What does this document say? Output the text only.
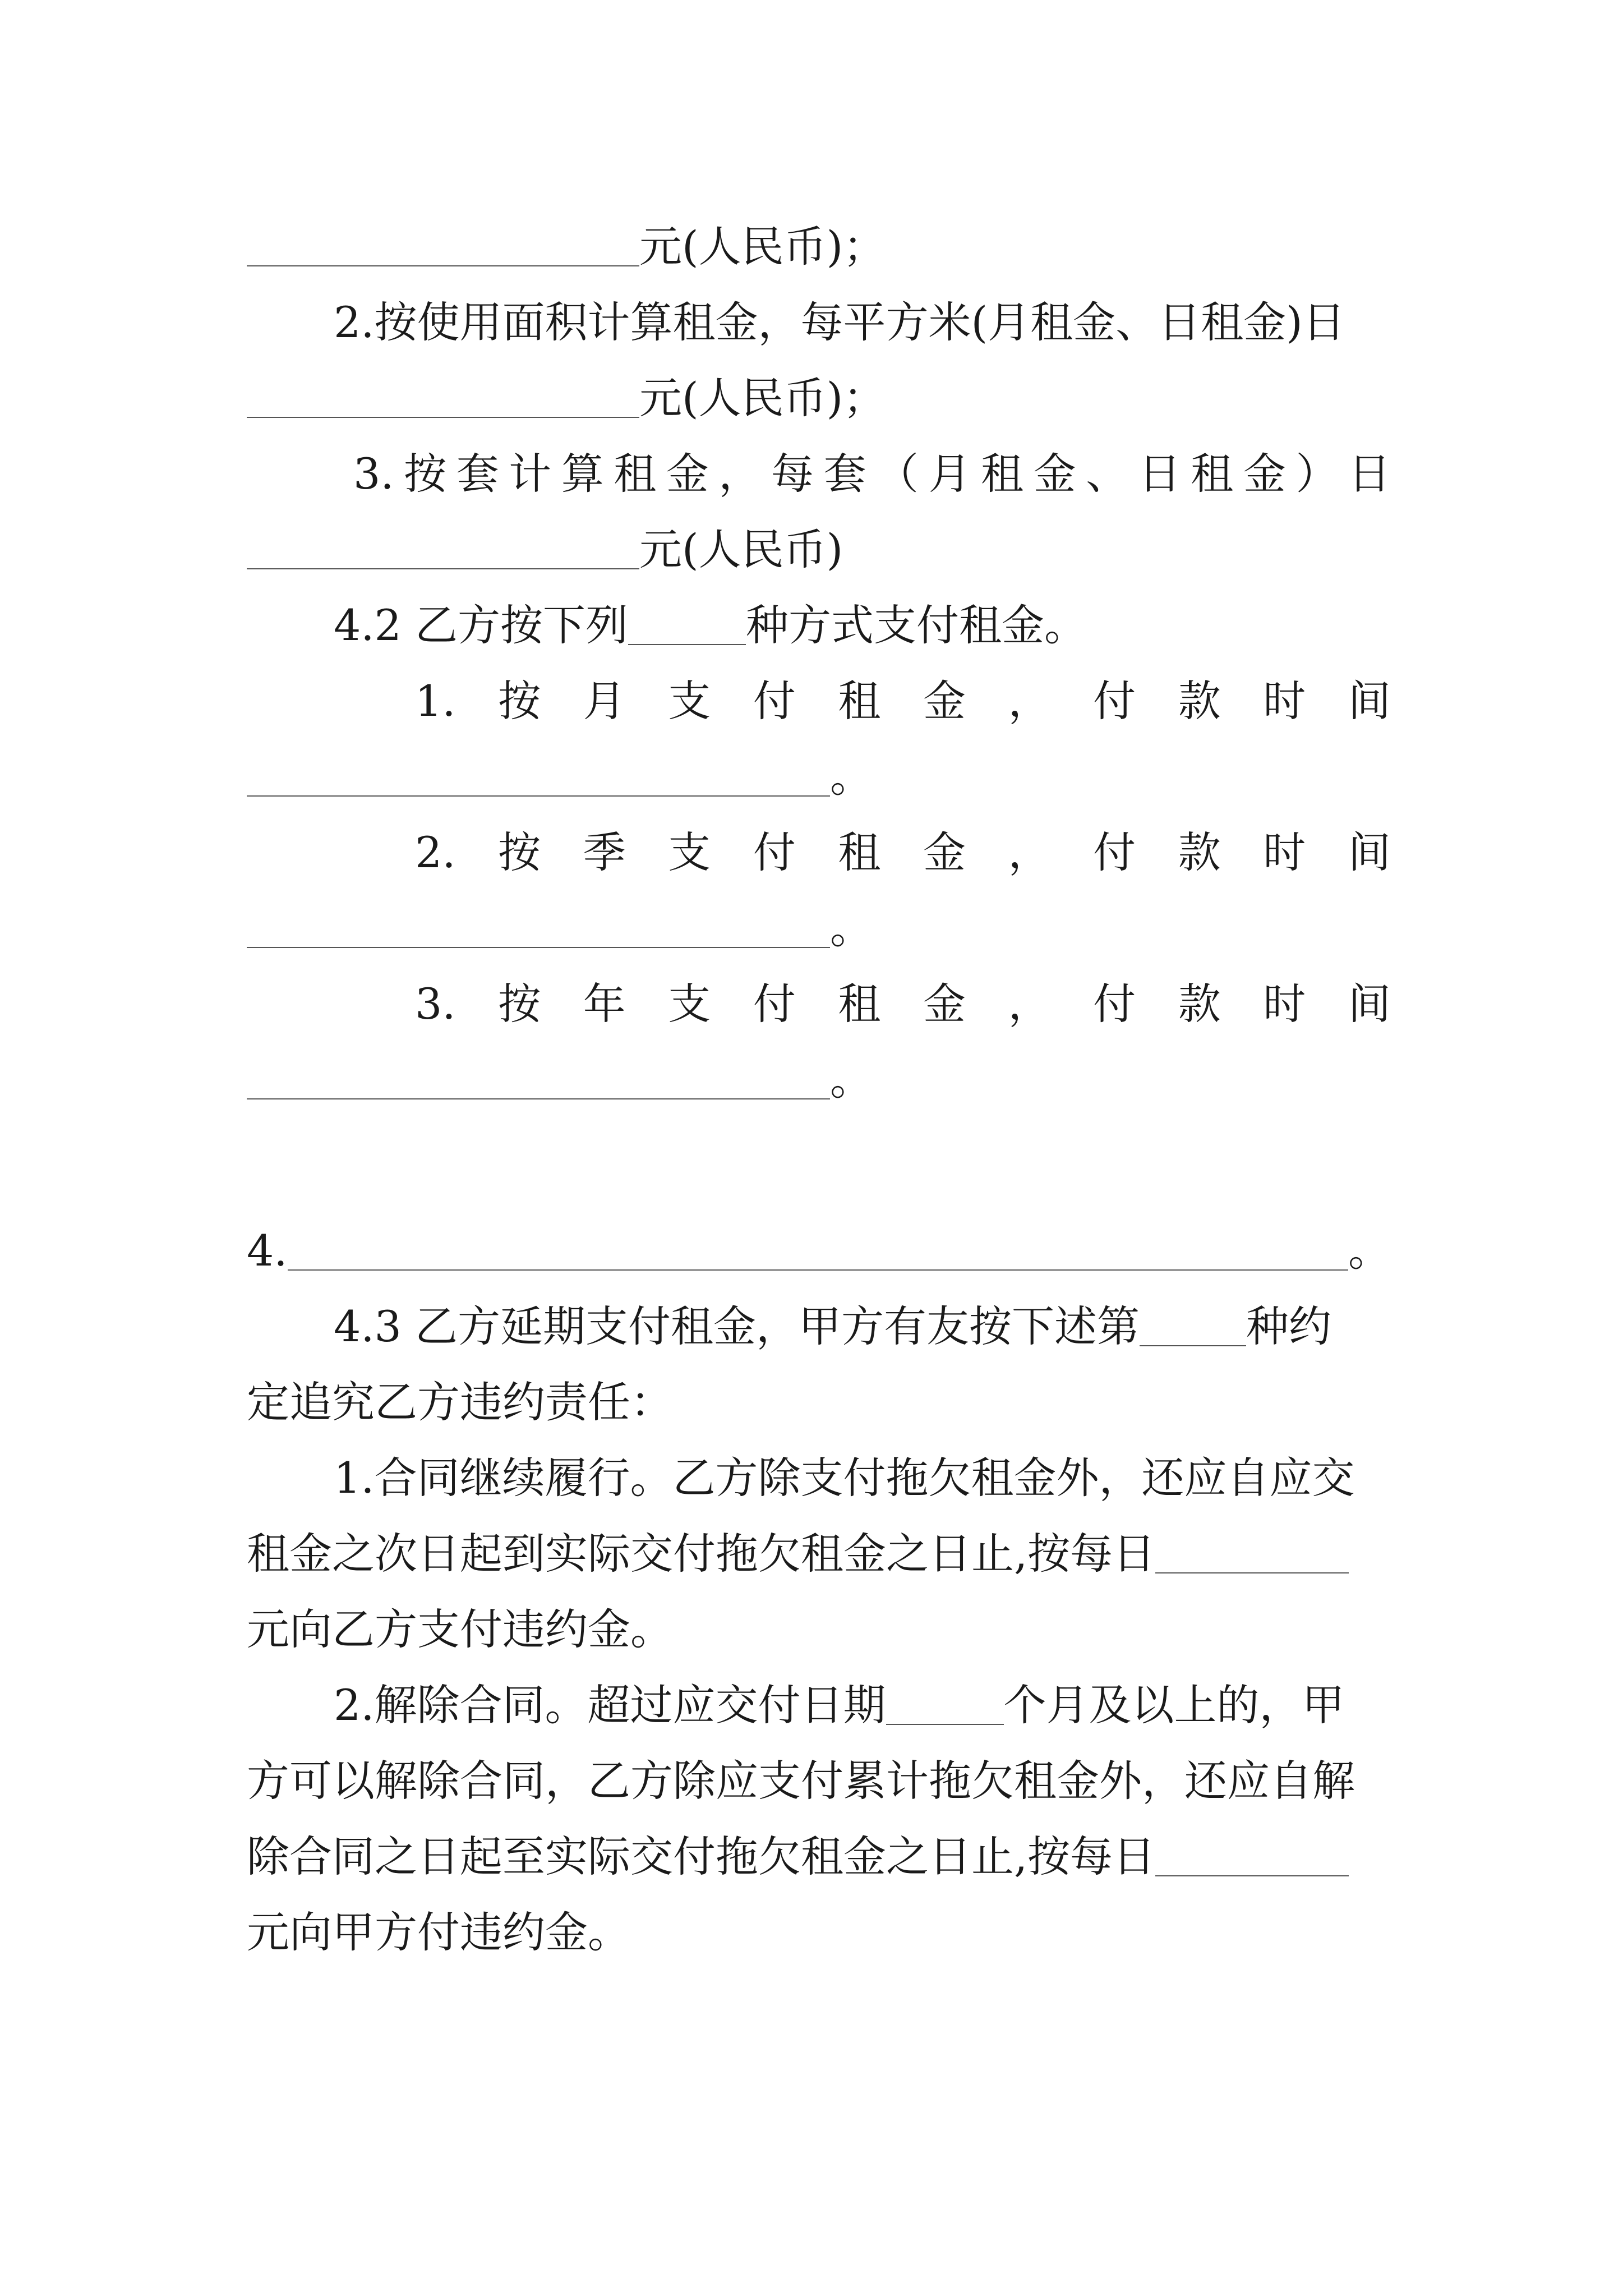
元(人民币)；
2.按使用面积计算租金，每平方米(月租金、日租金)日
元(人民币)；
3. 按 套 计 算 租 金 ， 每 套 （ 月 租 金 、 日 租 金 ） 日
元(人民币)
4.2 乙方按下列	种方式支付租金。
1. 按 月 支 付 租 金 ， 付 款 时 间
。
2. 按 季 支 付 租 金 ， 付 款 时 间
。
3. 按 年 支 付 租 金 ， 付 款 时 间
。
4.	。
4.3 乙方延期支付租金，甲方有友按下述第	种约
定追究乙方违约责任：
1.合同继续履行。乙方除支付拖欠租金外，还应自应交
租金之次日起到实际交付拖欠租金之日止,按每日
元向乙方支付违约金。
2.解除合同。超过应交付日期	个月及以上的，甲
方可以解除合同，乙方除应支付累计拖欠租金外，还应自解
除合同之日起至实际交付拖欠租金之日止,按每日
元向甲方付违约金。
